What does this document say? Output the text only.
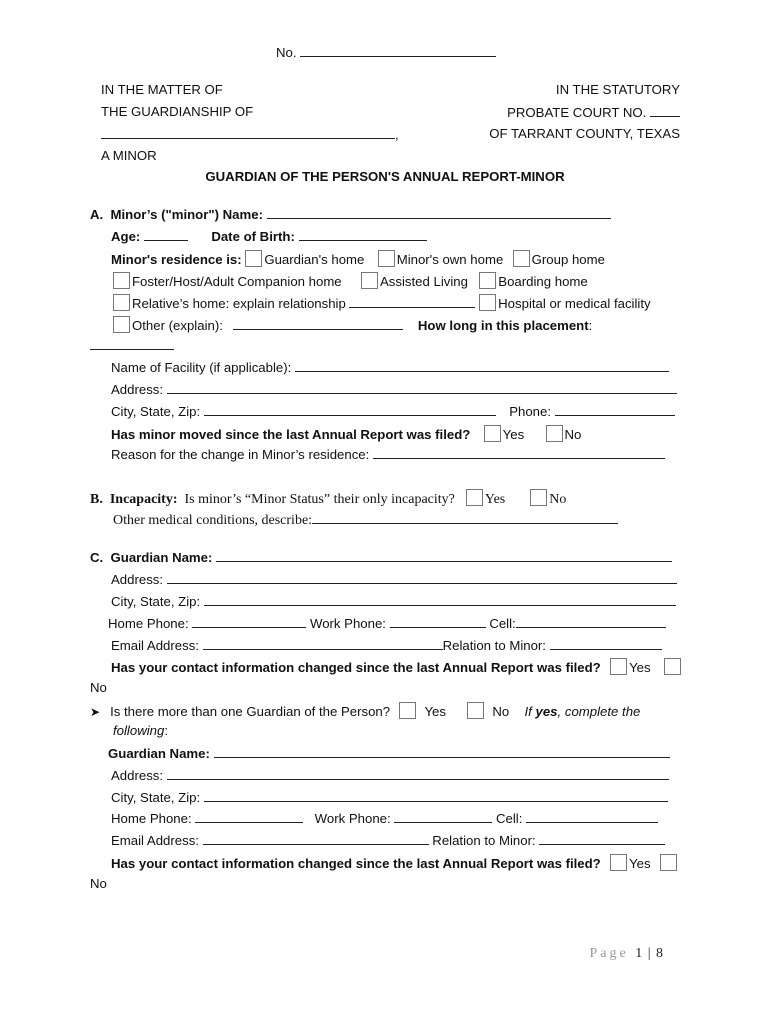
No.
IN THE MATTER OF
THE GUARDIANSHIP OF
,
A MINOR
IN THE STATUTORY
PROBATE COURT NO.
OF TARRANT COUNTY, TEXAS
GUARDIAN OF THE PERSON'S ANNUAL REPORT-MINOR
A. Minor’s ("minor") Name:
Age:	Date of Birth:
Minor's residence is: Guardian's home Minor's own home Group home
Foster/Host/Adult Companion home	Assisted Living Boarding home
Relative’s home: explain relationship	Hospital or medical facility
Other (explain):	How long in this placement:
Name of Facility (if applicable):
Address:
City, State, Zip:	Phone:
Has minor moved since the last Annual Report was filed? Yes	No
Reason for the change in Minor’s residence:
B. Incapacity: Is minor’s “Minor Status” their only incapacity? Yes	No
Other medical conditions, describe:
C. Guardian Name:
Address:
City, State, Zip:
Home Phone:	Work Phone:	Cell:
Email Address:	Relation to Minor:
Has your contact information changed since the last Annual Report was filed? Yes
No
➤ Is there more than one Guardian of the Person?	Yes	No If yes, complete the
following:
Guardian Name:
Address:
City, State, Zip:
Home Phone:	Work Phone:	Cell:
Email Address:	Relation to Minor:
Has your contact information changed since the last Annual Report was filed? Yes
No
Page 1 | 8
